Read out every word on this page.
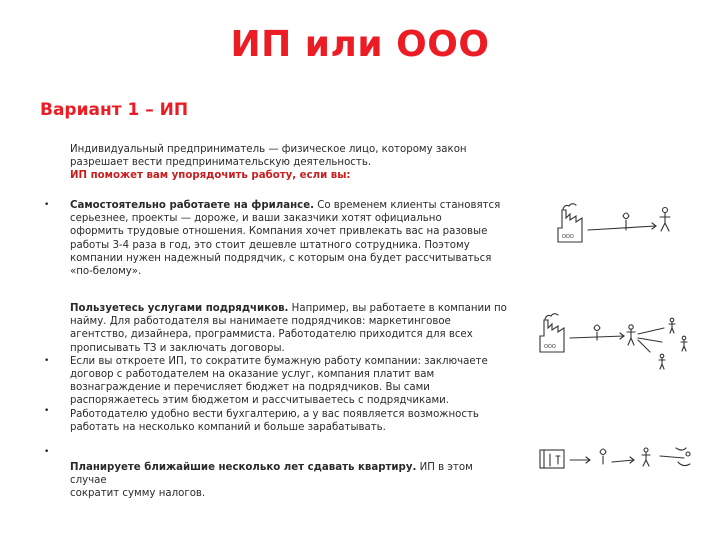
ИП или ООО
Вариант 1 – ИП
Индивидуальный предприниматель — физическое лицо, которому закон
разрешает вести предпринимательскую деятельность.
ИП поможет вам упорядочить работу, если вы:
• Самостоятельно работаете на фрилансе. Со временем клиенты становятся
серьезнее, проекты — дороже, и ваши заказчики хотят официально
оформить трудовые отношения. Компания хочет привлекать вас на разовые
работы 3-4 раза в год, это стоит дешевле штатного сотрудника. Поэтому
компании нужен надежный подрядчик, с которым она будет рассчитываться
«по-белому».
Пользуетесь услугами подрядчиков. Например, вы работаете в компании по
найму. Для работодателя вы нанимаете подрядчиков: маркетинговое
агентство, дизайнера, программиста. Работодателю приходится для всех
прописывать ТЗ и заключать договоры.
Если вы откроете ИП, то сократите бумажную работу компании: заключаете
договор с работодателем на оказание услуг, компания платит вам
вознаграждение и перечисляет бюджет на подрядчиков. Вы сами
распоряжаетесь этим бюджетом и рассчитываетесь с подрядчиками.
Работодателю удобно вести бухгалтерию, а у вас появляется возможность
работать на несколько компаний и больше зарабатывать.
•
•
•
Планируете ближайшие несколько лет сдавать квартиру. ИП в этом случае
сократит сумму налогов.
ООО
ООО
